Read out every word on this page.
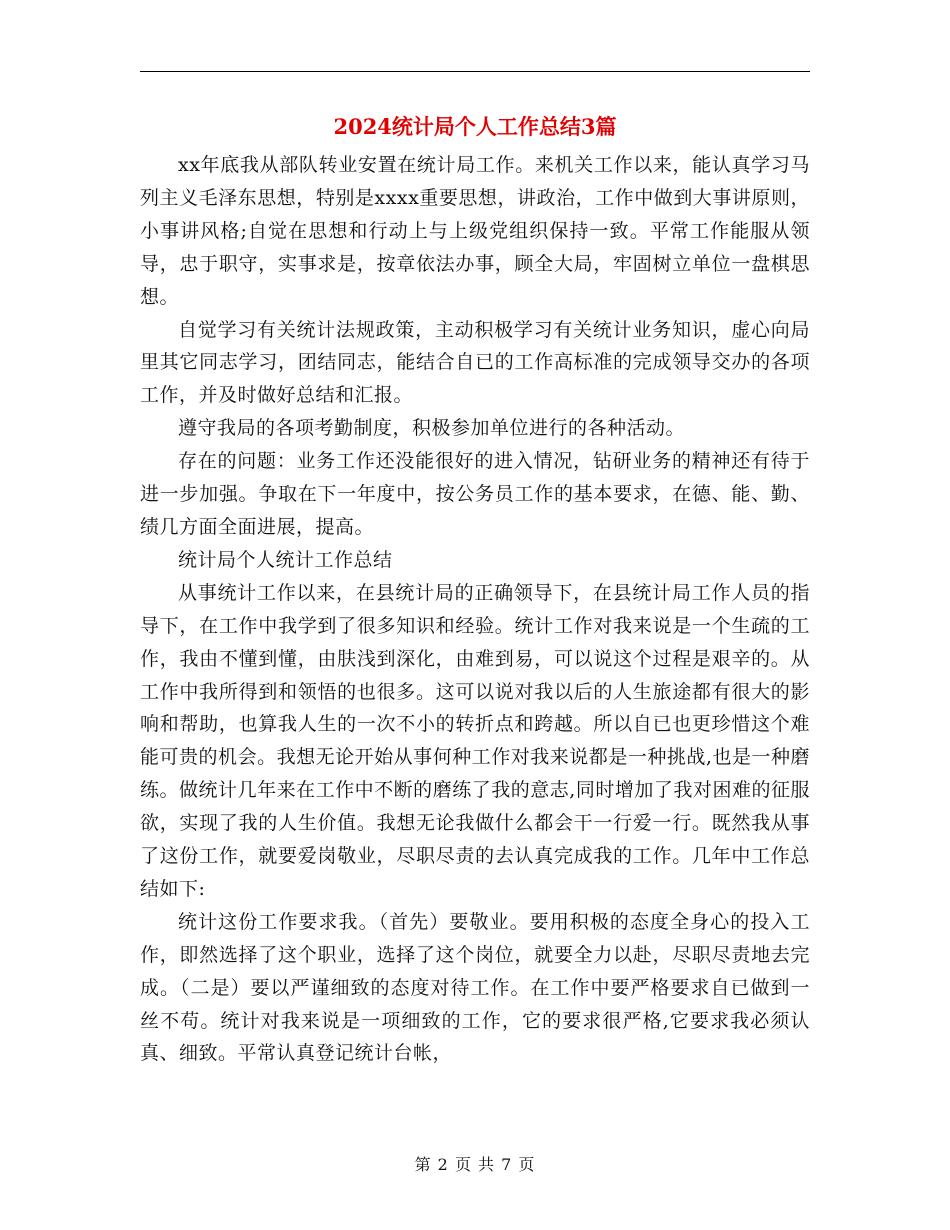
2024统计局个人工作总结3篇

xx年底我从部队转业安置在统计局工作。来机关工作以来，能认真学习马列主义毛泽东思想，特别是xxxx重要思想，讲政治，工作中做到大事讲原则，小事讲风格;自觉在思想和行动上与上级党组织保持一致。平常工作能服从领导，忠于职守，实事求是，按章依法办事，顾全大局，牢固树立单位一盘棋思想。

自觉学习有关统计法规政策，主动积极学习有关统计业务知识，虚心向局里其它同志学习，团结同志，能结合自已的工作高标准的完成领导交办的各项工作，并及时做好总结和汇报。

遵守我局的各项考勤制度，积极参加单位进行的各种活动。

存在的问题：业务工作还没能很好的进入情况，钻研业务的精神还有待于进一步加强。争取在下一年度中，按公务员工作的基本要求，在德、能、勤、绩几方面全面进展，提高。

统计局个人统计工作总结

从事统计工作以来，在县统计局的正确领导下，在县统计局工作人员的指导下，在工作中我学到了很多知识和经验。统计工作对我来说是一个生疏的工作，我由不懂到懂，由肤浅到深化，由难到易，可以说这个过程是艰辛的。从工作中我所得到和领悟的也很多。这可以说对我以后的人生旅途都有很大的影响和帮助，也算我人生的一次不小的转折点和跨越。所以自已也更珍惜这个难能可贵的机会。我想无论开始从事何种工作对我来说都是一种挑战,也是一种磨练。做统计几年来在工作中不断的磨练了我的意志,同时增加了我对困难的征服欲，实现了我的人生价值。我想无论我做什么都会干一行爱一行。既然我从事了这份工作，就要爱岗敬业，尽职尽责的去认真完成我的工作。几年中工作总结如下:

统计这份工作要求我。（首先）要敬业。要用积极的态度全身心的投入工作，即然选择了这个职业，选择了这个岗位，就要全力以赴，尽职尽责地去完成。（二是）要以严谨细致的态度对待工作。在工作中要严格要求自已做到一丝不苟。统计对我来说是一项细致的工作，它的要求很严格,它要求我必须认真、细致。平常认真登记统计台帐，

第 2 页 共 7 页
